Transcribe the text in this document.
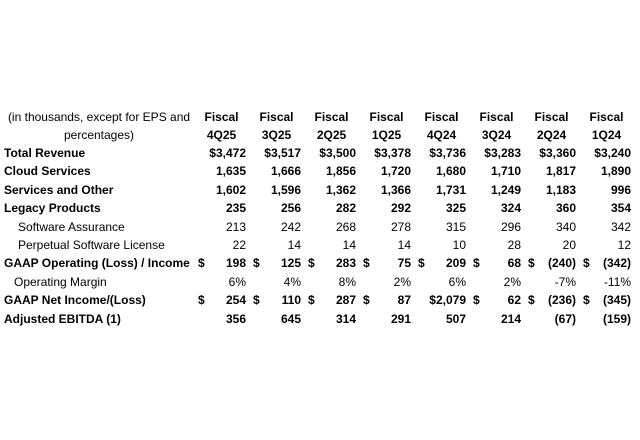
(in thousands, except for EPS and	Fiscal	Fiscal	Fiscal	Fiscal	Fiscal	Fiscal	Fiscal	Fiscal
percentages)	4Q25	3Q25	2Q25	1Q25	4Q24	3Q24	2Q24	1Q24
Total Revenue	$3,472	$3,517	$3,500	$3,378	$3,736	$3,283	$3,360	$3,240
Cloud Services	1,635	1,666	1,856	1,720	1,680	1,710	1,817	1,890
Services and Other	1,602	1,596	1,362	1,366	1,731	1,249	1,183	996
Legacy Products	235	256	282	292	325	324	360	354
Software Assurance	213	242	268	278	315	296	340	342
Perpetual Software License	22	14	14	14	10	28	20	12
GAAP Operating (Loss) / Income	$ 198	$ 125	$ 283	$ 75	$ 209	$ 68	$ (240)	$ (342)
Operating Margin	6%	4%	8%	2%	6%	2%	-7%	-11%
GAAP Net Income/(Loss)	$ 254	$ 110	$ 287	$ 87	$2,079	$ 62	$ (236)	$ (345)
Adjusted EBITDA (1)	356	645	314	291	507	214	(67)	(159)
